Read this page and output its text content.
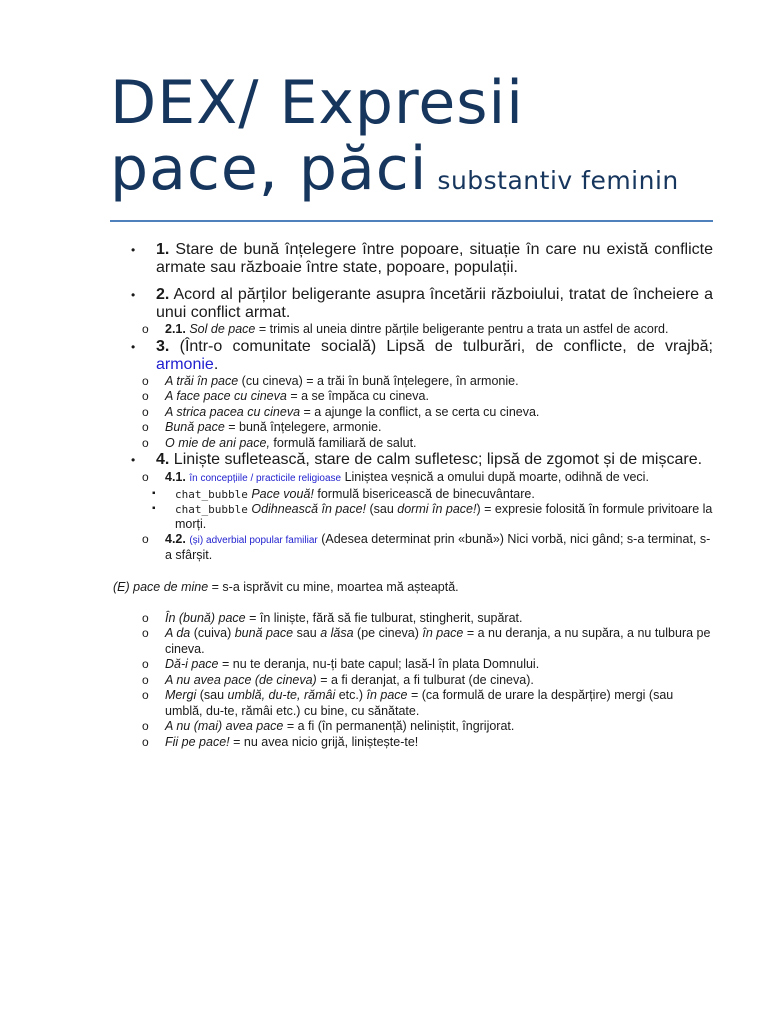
DEX/ Expresii
pace, păci substantiv feminin
• 1. Stare de bună înțelegere între popoare, situație în care nu există conflicte armate sau războaie între state, popoare, populații.
• 2. Acord al părților beligerante asupra încetării războiului, tratat de încheiere a unui conflict armat.
o 2.1. Sol de pace = trimis al uneia dintre părțile beligerante pentru a trata un astfel de acord.
• 3. (Într-o comunitate socială) Lipsă de tulburări, de conflicte, de vrajbă; armonie.
o A trăi în pace (cu cineva) = a trăi în bună înțelegere, în armonie.
o A face pace cu cineva = a se împăca cu cineva.
o A strica pacea cu cineva = a ajunge la conflict, a se certa cu cineva.
o Bună pace = bună înțelegere, armonie.
o O mie de ani pace, formulă familiară de salut.
• 4. Liniște sufletească, stare de calm sufletesc; lipsă de zgomot și de mișcare.
o 4.1. în concepțiile / practicile religioase Liniștea veșnică a omului după moarte, odihnă de veci.
▪ chat_bubble Pace vouă! formulă bisericească de binecuvântare.
▪ chat_bubble Odihnească în pace! (sau dormi în pace!) = expresie folosită în formule privitoare la morți.
o 4.2. (și) adverbial popular familiar (Adesea determinat prin «bună») Nici vorbă, nici gând; s-a terminat, s-a sfârșit.

(E) pace de mine = s-a isprăvit cu mine, moartea mă așteaptă.

o În (bună) pace = în liniște, fără să fie tulburat, stingherit, supărat.
o A da (cuiva) bună pace sau a lăsa (pe cineva) în pace = a nu deranja, a nu supăra, a nu tulbura pe cineva.
o Dă-i pace = nu te deranja, nu-ți bate capul; lasă-l în plata Domnului.
o A nu avea pace (de cineva) = a fi deranjat, a fi tulburat (de cineva).
o Mergi (sau umblă, du-te, rămâi etc.) în pace = (ca formulă de urare la despărțire) mergi (sau umblă, du-te, rămâi etc.) cu bine, cu sănătate.
o A nu (mai) avea pace = a fi (în permanență) neliniștit, îngrijorat.
o Fii pe pace! = nu avea nicio grijă, liniștește-te!
